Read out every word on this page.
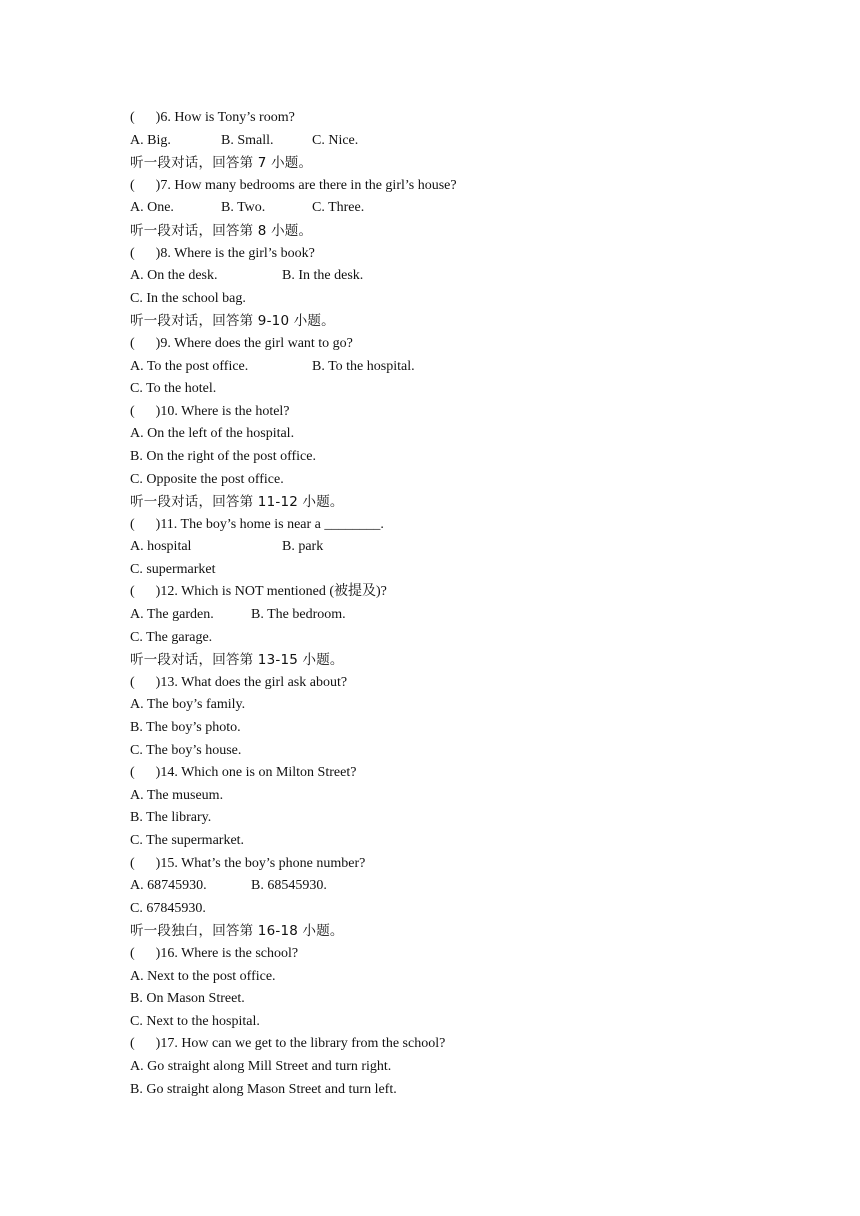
(      )6. How is Tony’s room?
A. Big.	B. Small.	C. Nice.
听一段对话，回答第 7 小题。
(      )7. How many bedrooms are there in the girl’s house?
A. One.	B. Two.	C. Three.
听一段对话，回答第 8 小题。
(      )8. Where is the girl’s book?
A. On the desk.	B. In the desk.
C. In the school bag.
听一段对话，回答第 9-10 小题。
(      )9. Where does the girl want to go?
A. To the post office.	B. To the hospital.
C. To the hotel.
(      )10. Where is the hotel?
A. On the left of the hospital.
B. On the right of the post office.
C. Opposite the post office.
听一段对话，回答第 11-12 小题。
(      )11. The boy’s home is near a ________.
A. hospital	B. park
C. supermarket
(      )12. Which is NOT mentioned (被提及)?
A. The garden.	B. The bedroom.
C. The garage.
听一段对话，回答第 13-15 小题。
(      )13. What does the girl ask about?
A. The boy’s family.
B. The boy’s photo.
C. The boy’s house.
(      )14. Which one is on Milton Street?
A. The museum.
B. The library.
C. The supermarket.
(      )15. What’s the boy’s phone number?
A. 68745930.	B. 68545930.
C. 67845930.
听一段独白，回答第 16-18 小题。
(      )16. Where is the school?
A. Next to the post office.
B. On Mason Street.
C. Next to the hospital.
(      )17. How can we get to the library from the school?
A. Go straight along Mill Street and turn right.
B. Go straight along Mason Street and turn left.
